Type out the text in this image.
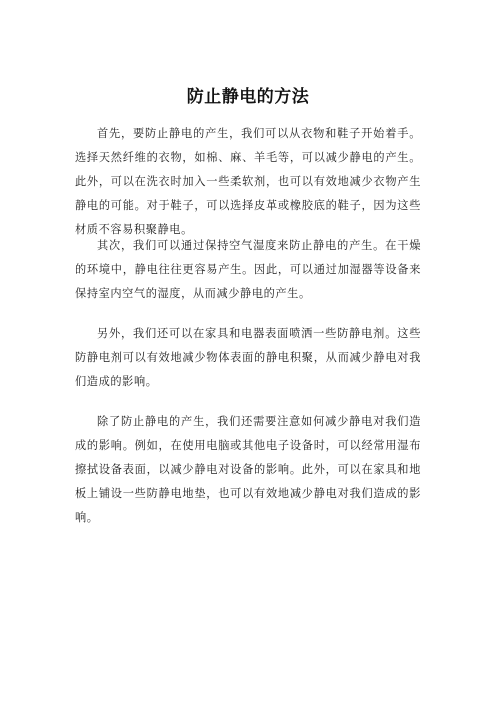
防止静电的方法

首先，要防止静电的产生，我们可以从衣物和鞋子开始着手。选择天然纤维的衣物，如棉、麻、羊毛等，可以减少静电的产生。此外，可以在洗衣时加入一些柔软剂，也可以有效地减少衣物产生静电的可能。对于鞋子，可以选择皮革或橡胶底的鞋子，因为这些材质不容易积聚静电。

其次，我们可以通过保持空气湿度来防止静电的产生。在干燥的环境中，静电往往更容易产生。因此，可以通过加湿器等设备来保持室内空气的湿度，从而减少静电的产生。

另外，我们还可以在家具和电器表面喷洒一些防静电剂。这些防静电剂可以有效地减少物体表面的静电积聚，从而减少静电对我们造成的影响。

除了防止静电的产生，我们还需要注意如何减少静电对我们造成的影响。例如，在使用电脑或其他电子设备时，可以经常用湿布擦拭设备表面，以减少静电对设备的影响。此外，可以在家具和地板上铺设一些防静电地垫，也可以有效地减少静电对我们造成的影响。
